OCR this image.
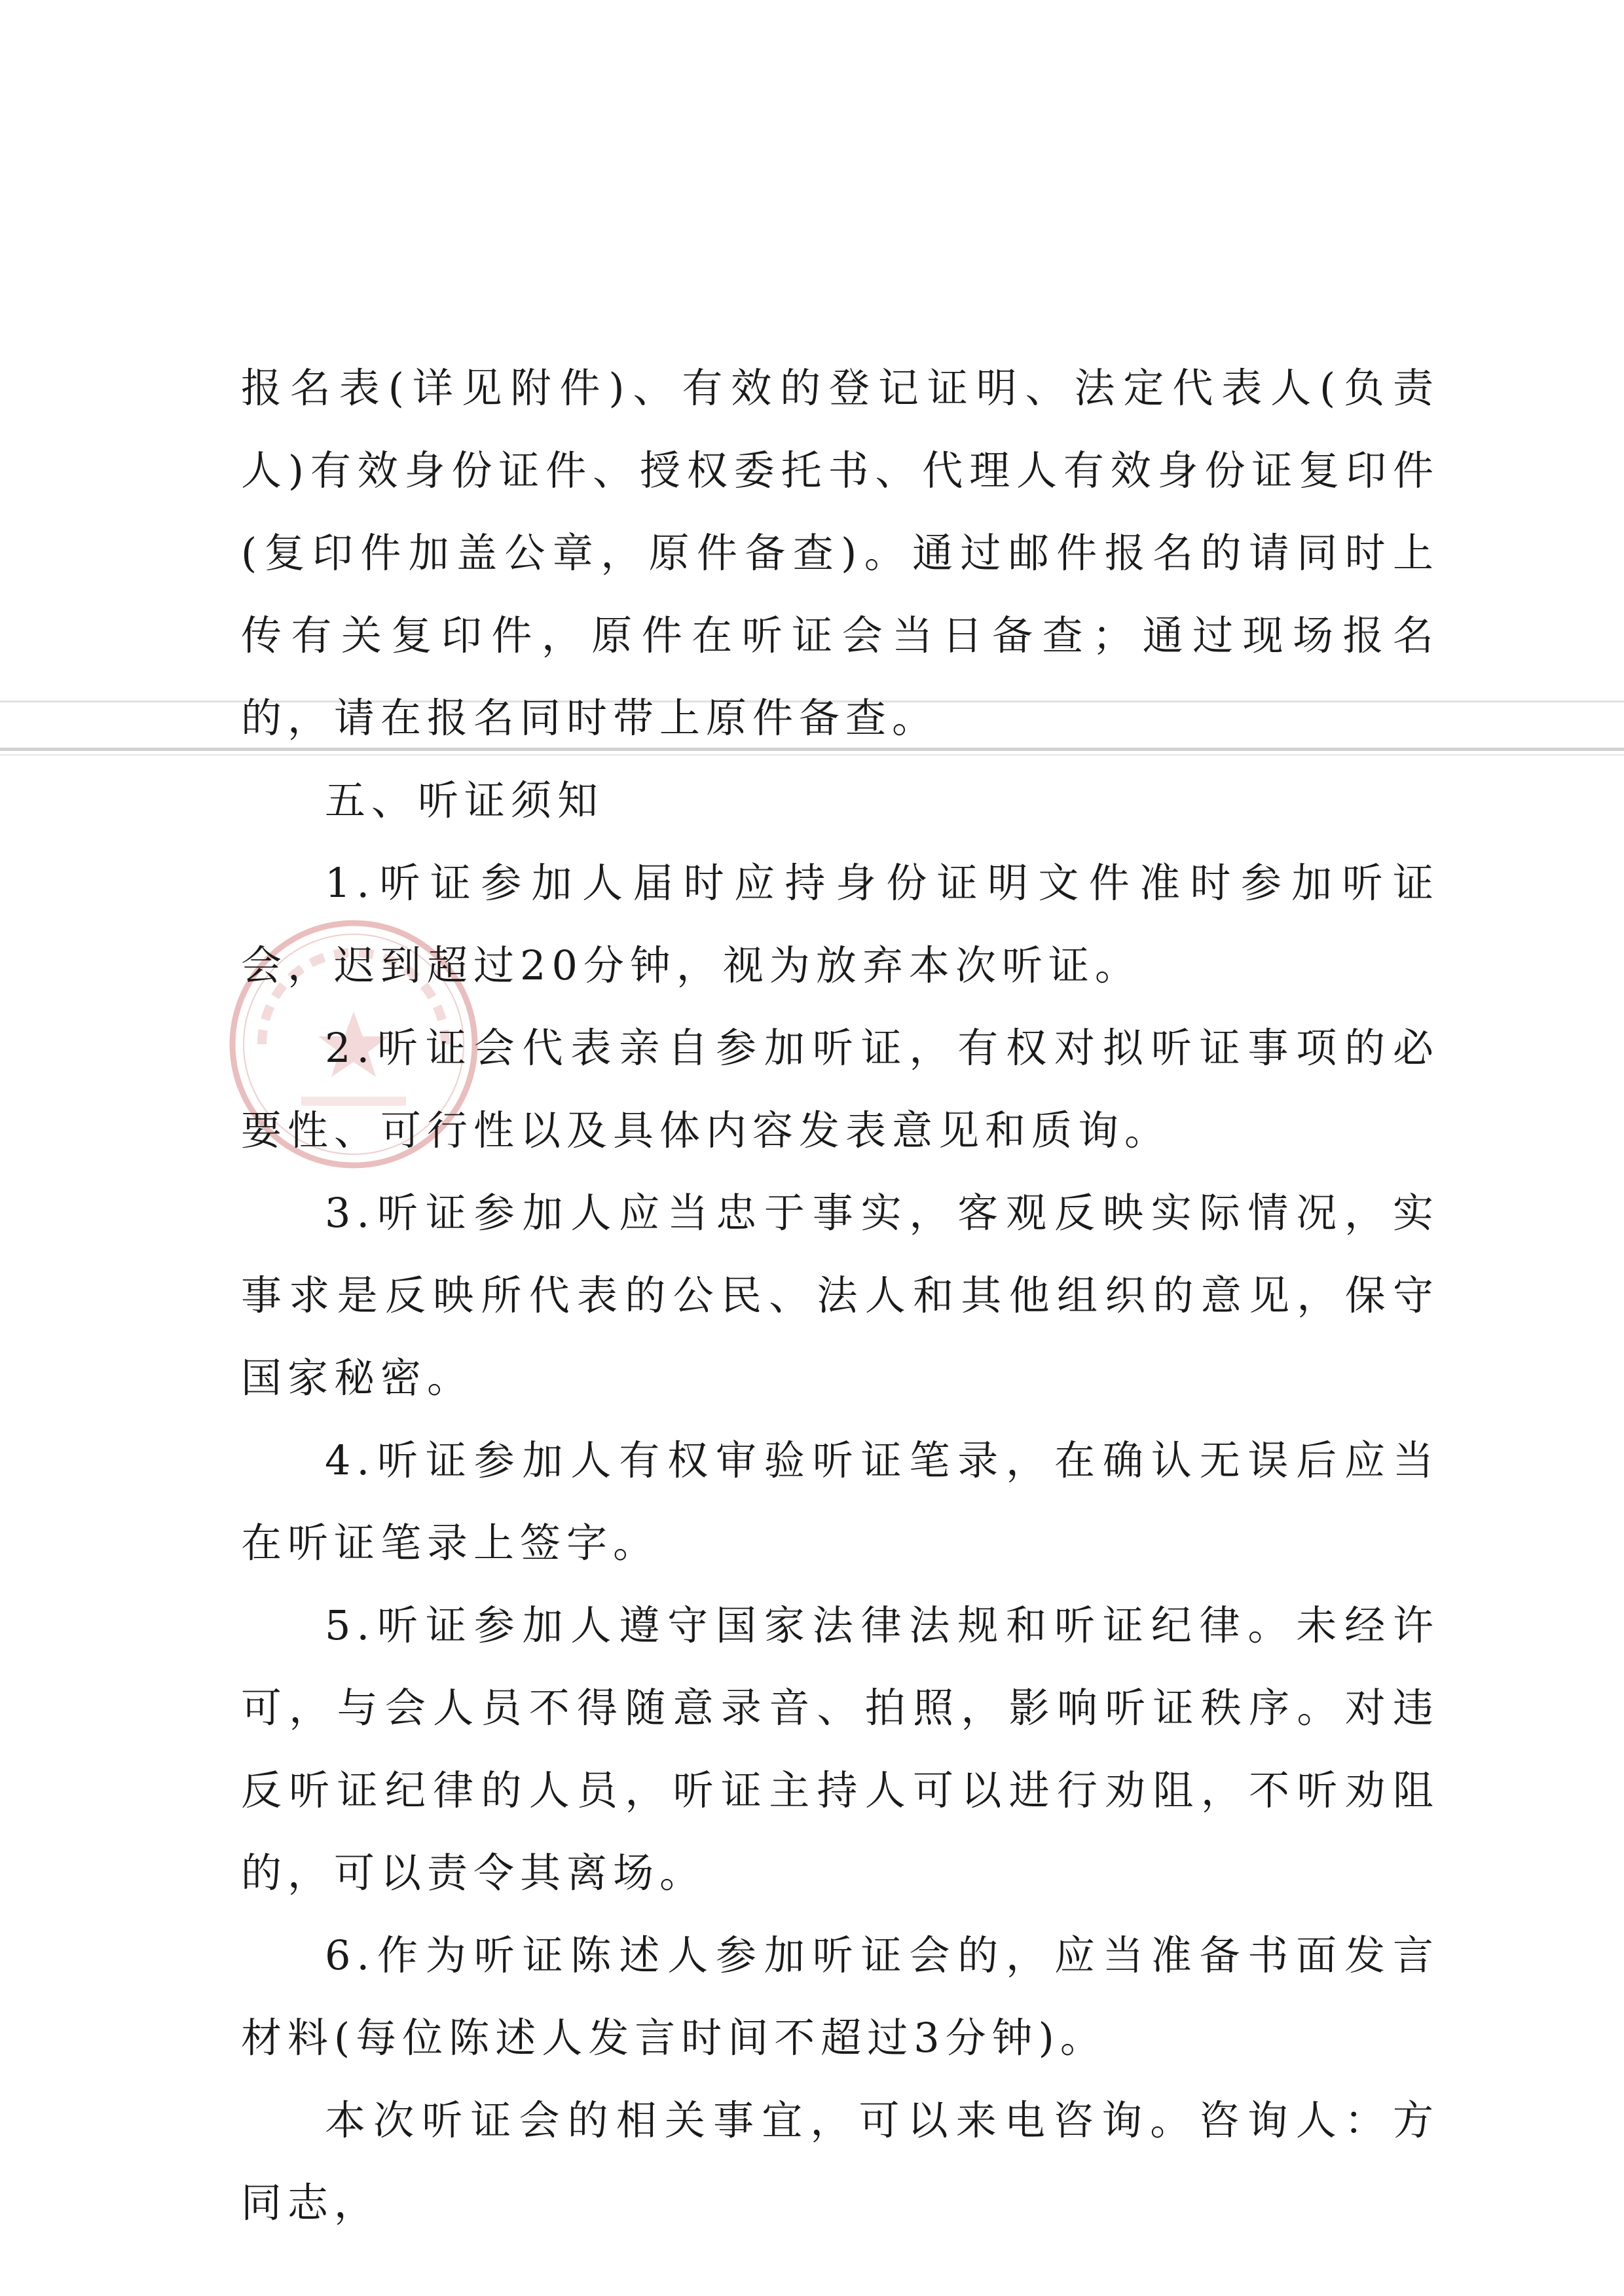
报名表(详见附件)、有效的登记证明、法定代表人(负责人)有效身份证件、授权委托书、代理人有效身份证复印件(复印件加盖公章，原件备查)。通过邮件报名的请同时上传有关复印件，原件在听证会当日备查；通过现场报名的，请在报名同时带上原件备查。

五、听证须知

1.听证参加人届时应持身份证明文件准时参加听证会，迟到超过20分钟，视为放弃本次听证。

2.听证会代表亲自参加听证，有权对拟听证事项的必要性、可行性以及具体内容发表意见和质询。

3.听证参加人应当忠于事实，客观反映实际情况，实事求是反映所代表的公民、法人和其他组织的意见，保守国家秘密。

4.听证参加人有权审验听证笔录，在确认无误后应当在听证笔录上签字。

5.听证参加人遵守国家法律法规和听证纪律。未经许可，与会人员不得随意录音、拍照，影响听证秩序。对违反听证纪律的人员，听证主持人可以进行劝阻，不听劝阻的，可以责令其离场。

6.作为听证陈述人参加听证会的，应当准备书面发言材料(每位陈述人发言时间不超过3分钟)。

本次听证会的相关事宜，可以来电咨询。咨询人：方同志，
